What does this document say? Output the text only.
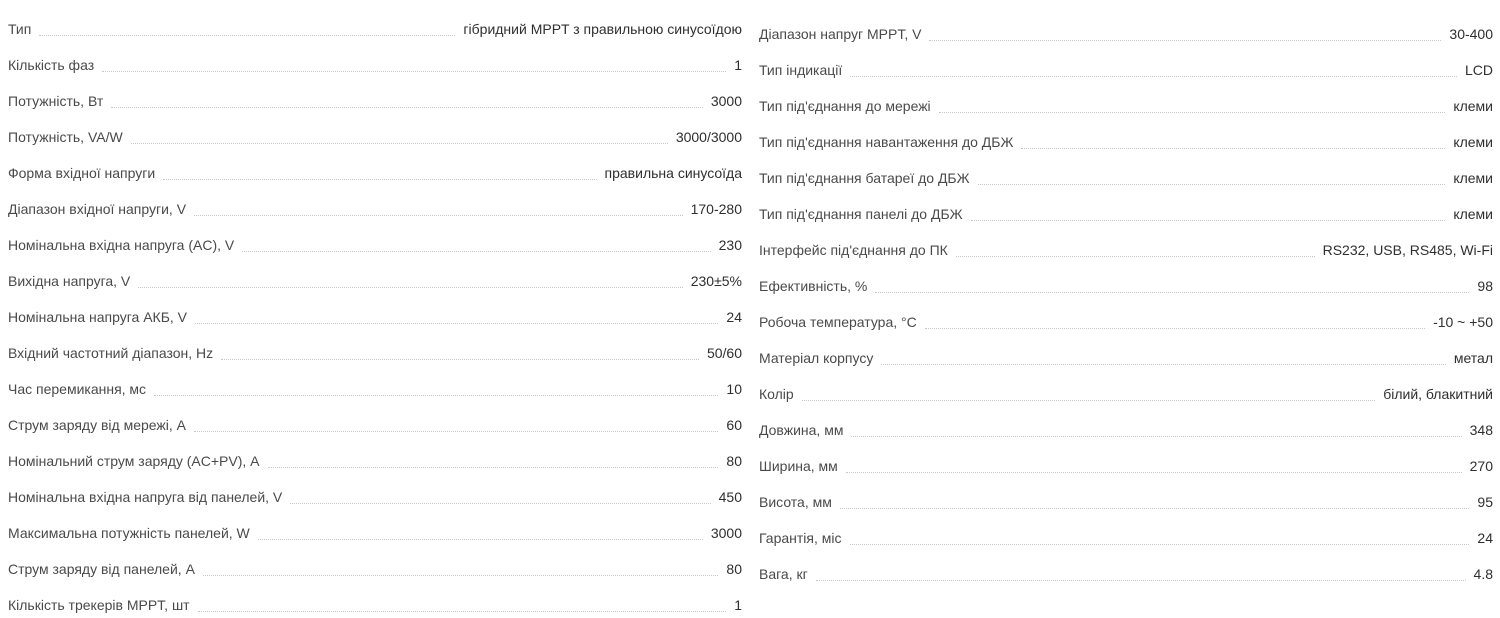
Тип	гібридний MPPT з правильною синусоїдою
Кількість фаз	1
Потужність, Вт	3000
Потужність, VA/W	3000/3000
Форма вхідної напруги	правильна синусоїда
Діапазон вхідної напруги, V	170-280
Номінальна вхідна напруга (AC), V	230
Вихідна напруга, V	230±5%
Номінальна напруга АКБ, V	24
Вхідний частотний діапазон, Hz	50/60
Час перемикання, мс	10
Струм заряду від мережі, A	60
Номінальний струм заряду (AC+PV), A	80
Номінальна вхідна напруга від панелей, V	450
Максимальна потужність панелей, W	3000
Струм заряду від панелей, A	80
Кількість трекерів MPPT, шт	1
Діапазон напруг MPPT, V	30-400
Тип індикації	LCD
Тип під'єднання до мережі	клеми
Тип під'єднання навантаження до ДБЖ	клеми
Тип під'єднання батареї до ДБЖ	клеми
Тип під'єднання панелі до ДБЖ	клеми
Інтерфейс під'єднання до ПК	RS232, USB, RS485, Wi-Fi
Ефективність, %	98
Робоча температура, °C	-10 ~ +50
Матеріал корпусу	метал
Колір	білий, блакитний
Довжина, мм	348
Ширина, мм	270
Висота, мм	95
Гарантія, міс	24
Вага, кг	4.8
